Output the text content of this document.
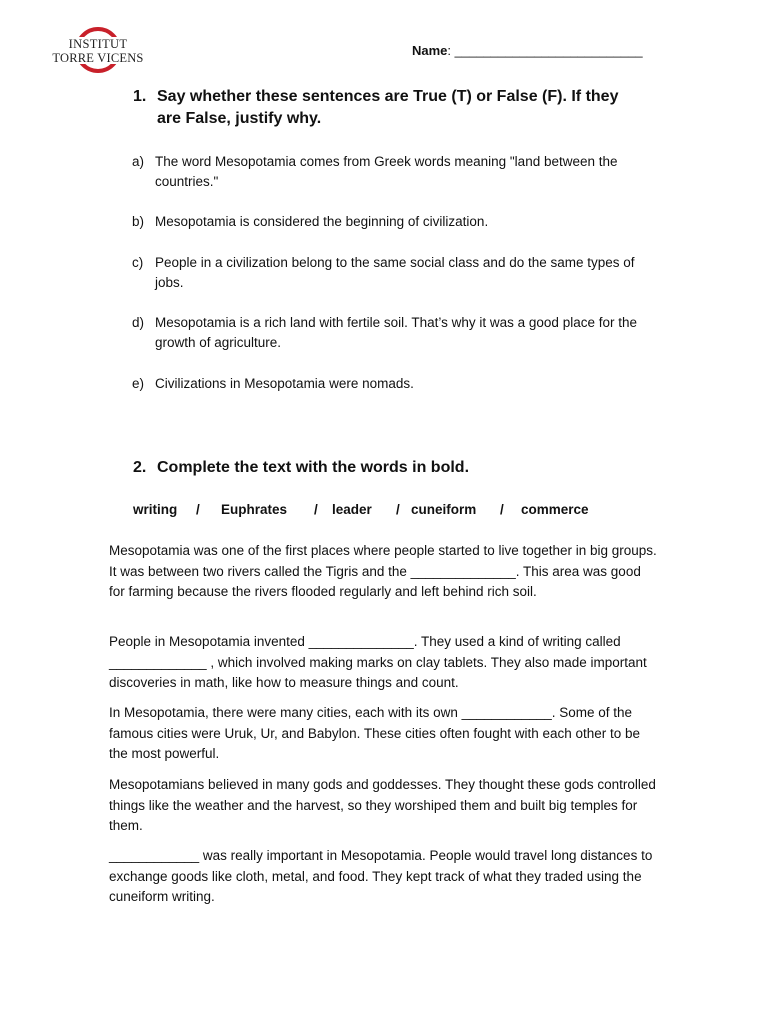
INSTITUT
TORRE VICENS	Name: __________________________
1. Say whether these sentences are True (T) or False (F). If they
are False, justify why.
a) The word Mesopotamia comes from Greek words meaning "land between the countries."
b) Mesopotamia is considered the beginning of civilization.
c) People in a civilization belong to the same social class and do the same types of jobs.
d) Mesopotamia is a rich land with fertile soil. That’s why it was a good place for the growth of agriculture.
e) Civilizations in Mesopotamia were nomads.
2. Complete the text with the words in bold.
writing / Euphrates / leader / cuneiform / commerce

Mesopotamia was one of the first places where people started to live together in big groups. It was between two rivers called the Tigris and the ______________. This area was good for farming because the rivers flooded regularly and left behind rich soil.

People in Mesopotamia invented ______________. They used a kind of writing called _____________ , which involved making marks on clay tablets. They also made important discoveries in math, like how to measure things and count.

In Mesopotamia, there were many cities, each with its own ____________. Some of the famous cities were Uruk, Ur, and Babylon. These cities often fought with each other to be the most powerful.

Mesopotamians believed in many gods and goddesses. They thought these gods controlled things like the weather and the harvest, so they worshiped them and built big temples for them.

____________ was really important in Mesopotamia. People would travel long distances to exchange goods like cloth, metal, and food. They kept track of what they traded using the cuneiform writing.
